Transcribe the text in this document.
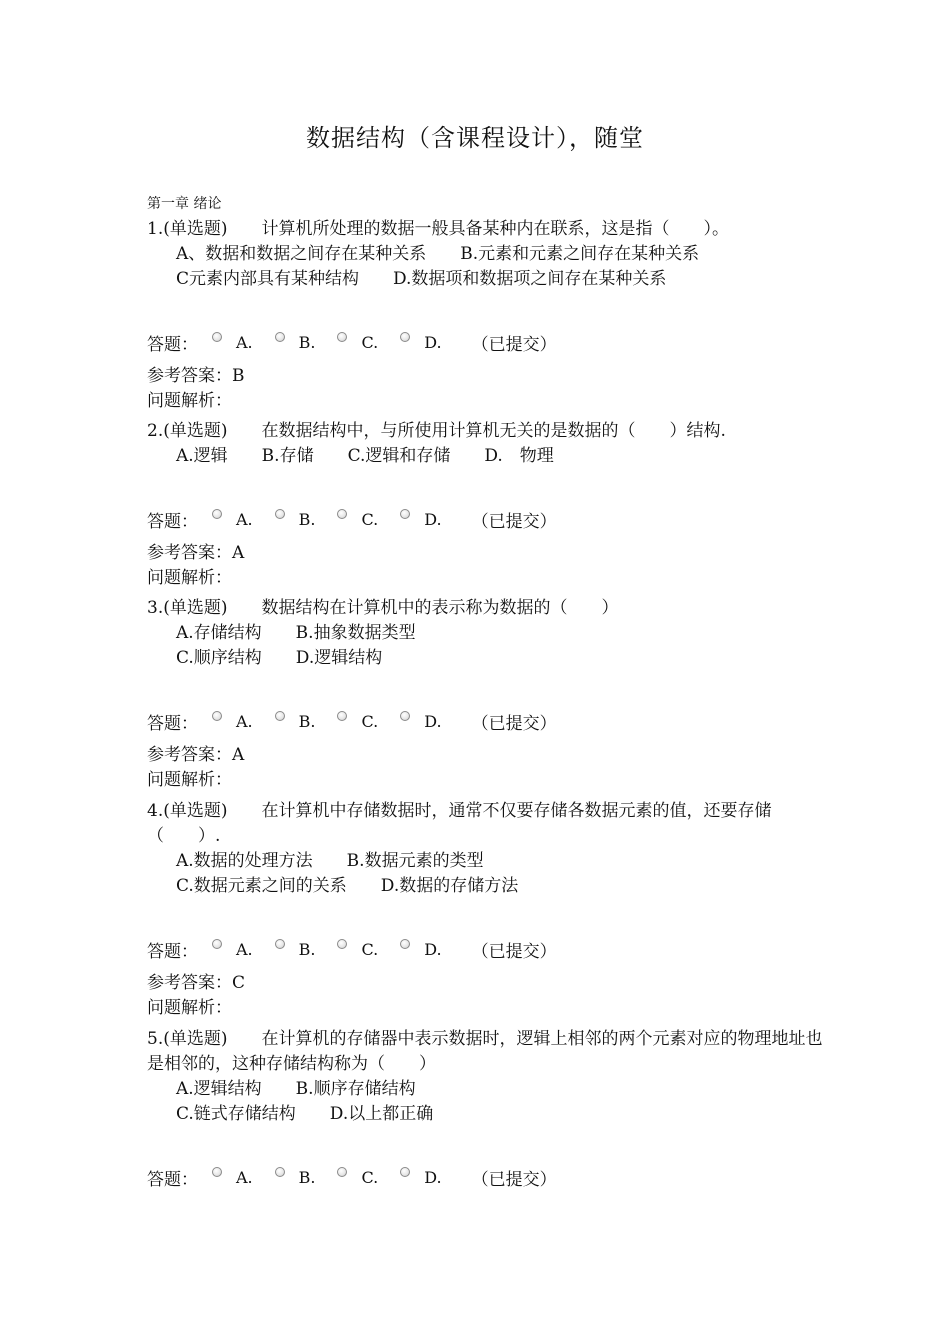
数据结构（含课程设计），随堂
第一章 绪论
1.(单选题)　　计算机所处理的数据一般具备某种内在联系，这是指（　　）。
A、数据和数据之间存在某种关系　　B.元素和元素之间存在某种关系
C元素内部具有某种结构　　D.数据项和数据项之间存在某种关系
答题： A.	B.	C.	D. （已提交）
参考答案：B
问题解析：
2.(单选题)　　在数据结构中，与所使用计算机无关的是数据的（　　）结构.
A.逻辑　　B.存储　　C.逻辑和存储　　D.　物理
答题： A.	B.	C.	D. （已提交）
参考答案：A
问题解析：
3.(单选题)　　数据结构在计算机中的表示称为数据的（　　）
A.存储结构　　B.抽象数据类型
C.顺序结构　　D.逻辑结构
答题： A.	B.	C.	D. （已提交）
参考答案：A
问题解析：
4.(单选题)　　在计算机中存储数据时，通常不仅要存储各数据元素的值，还要存储（　　）.
A.数据的处理方法　　B.数据元素的类型
C.数据元素之间的关系　　D.数据的存储方法
答题： A.	B.	C.	D. （已提交）
参考答案：C
问题解析：
5.(单选题)　　在计算机的存储器中表示数据时，逻辑上相邻的两个元素对应的物理地址也是相邻的，这种存储结构称为（　　）
A.逻辑结构　　B.顺序存储结构
C.链式存储结构　　D.以上都正确
答题： A.	B.	C.	D. （已提交）
